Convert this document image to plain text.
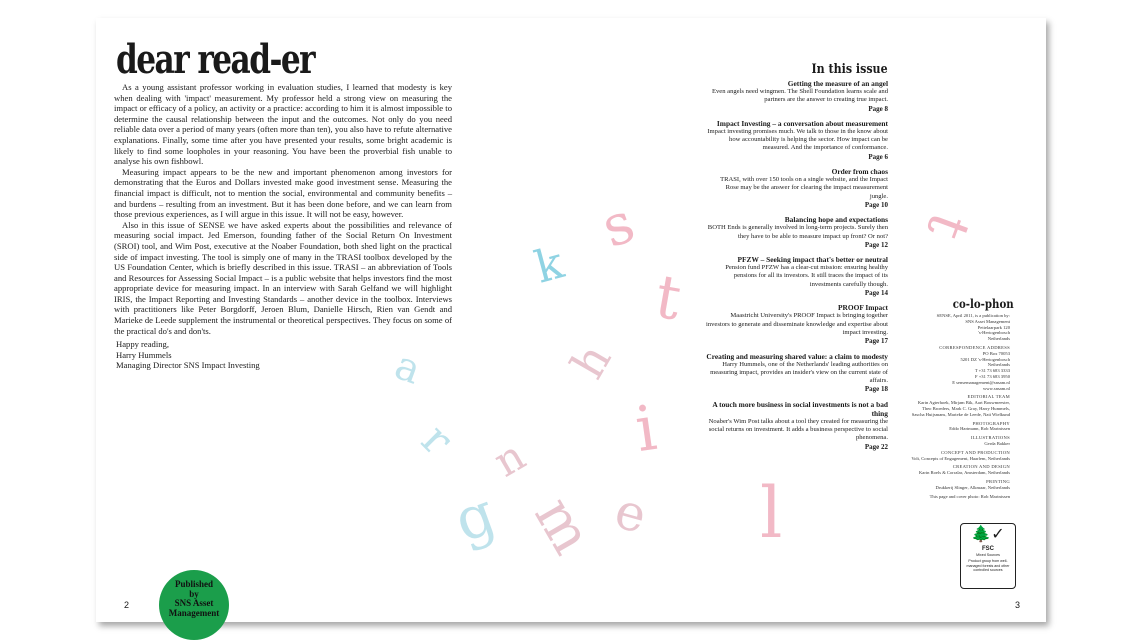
dear read-er

As a young assistant professor working in evaluation studies, I learned that modesty is key when dealing with 'impact' measurement. My professor held a strong view on measuring the impact or efficacy of a policy, an activity or a practice: according to him it is almost impossible to determine the causal relationship between the input and the outcomes. Not only do you need reliable data over a period of many years (often more than ten), you also have to refute alternative explanations. Finally, some time after you have presented your results, some bright academic is likely to find some loopholes in your reasoning. You have been the proverbial fish unable to analyse his own fishbowl.

Measuring impact appears to be the new and important phenomenon among investors for demonstrating that the Euros and Dollars invested make good investment sense. Measuring the financial impact is difficult, not to mention the social, environmental and community benefits – and burdens – resulting from an investment. But it has been done before, and we can learn from those previous experiences, as I will argue in this issue. It will not be easy, however.

Also in this issue of SENSE we have asked experts about the possibilities and relevance of measuring social impact. Jed Emerson, founding father of the Social Return On Investment (SROI) tool, and Wim Post, executive at the Noaber Foundation, both shed light on the practical side of impact investing. The tool is simply one of many in the TRASI toolbox developed by the US Foundation Center, which is briefly described in this issue. TRASI – an abbreviation of Tools and Resources for Assessing Social Impact – is a public website that helps investors find the most appropriate device for measuring impact. In an interview with Sarah Gelfand we will highlight IRIS, the Impact Reporting and Investing Standards – another device in the toolbox. Interviews with practitioners like Peter Borgdorff, Jeroen Blum, Danielle Hirsch, Rien van Gendt and Marieke de Leede supplement the instrumental or theoretical perspectives. They focus on some of the practical do's and don'ts.

Happy reading,
Harry Hummels
Managing Director SNS Impact Investing
2
In this issue
Getting the measure of an angel
Even angels need wingmen. The Shell Foundation learns scale and partners are the answer to creating true impact.
Page 8
Impact Investing – a conversation about measurement
Impact investing promises much. We talk to those in the know about how accountability is helping the sector. How impact can be measured. And the importance of conformance.
Page 6
Order from chaos
TRASI, with over 150 tools on a single website, and the Impact Rose may be the answer for clearing the impact measurement jungle.
Page 10
Balancing hope and expectations
BOTH Ends is generally involved in long-term projects. Surely then they have to be able to measure impact up front? Or not?
Page 12
PFZW – Seeking impact that's better or neutral
Pension fund PFZW has a clear-cut mission: ensuring healthy pensions for all its investors. It still traces the impact of its investments carefully though.
Page 14
PROOF Impact
Maastricht University's PROOF Impact is bringing together investors to generate and disseminate knowledge and expertise about impact investing.
Page 17
Creating and measuring shared value: a claim to modesty
Harry Hummels, one of the Netherlands' leading authorities on measuring impact, provides an insider's view on the current state of affairs.
Page 18
A touch more business in social investments is not a bad thing
Noaber's Wim Post talks about a tool they created for measuring the social returns on investment. It adds a business perspective to social phenomena.
Page 22
co-lo-phon
SENSE, April 2011, is a publication by:
SNS Asset Management
Pettelaarpark 120
's-Hertogenbosch
Netherlands
CORRESPONDENCE ADDRESS
PO Box 70053
5201 DZ 's-Hertogenbosch
Netherlands
T +31 73 683 3333
F +31 73 683 3950
E sensemanagement@snsam.nl
www.snsam.nl
EDITORIAL TEAM
Karin Agterhoek, Mirjam Bik, Aart Bouwmeester,
Theo Broeders, Mark C. Gray, Harry Hummels,
Sascha Huijsmans, Marieke de Leede, Nati Wielkund
PHOTOGRAPHY
Eddo Hartmann, Rob Marinissen
ILLUSTRATIONS
Gerda Bakker
CONCEPT AND PRODUCTION
Volt, Concepts of Engagement, Haarlem, Netherlands
CREATION AND DESIGN
Karin Roels & Corralar, Amsterdam, Netherlands
PRINTING
Drukkerij Slinger, Alkmaar, Netherlands
This page and cover photo: Rob Marinissen
🌲✓
FSC
Mixed Sources
Product group from well-managed forests and other controlled sources
3
s
t
t
i
l
k
a
n
m
g e
r
h
Published
by
SNS Asset
Management
